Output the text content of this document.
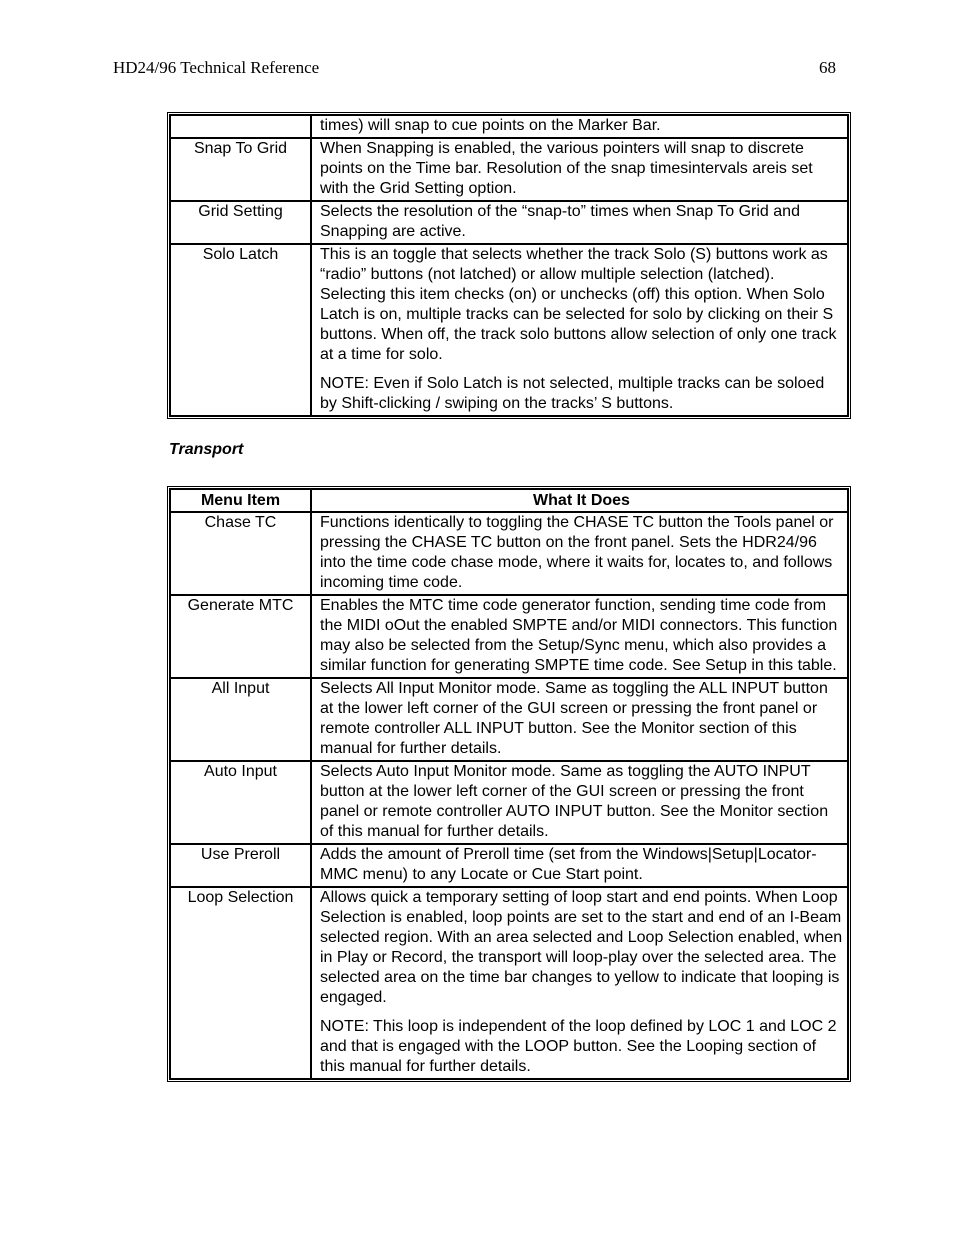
HD24/96 Technical Reference	68

	times) will snap to cue points on the Marker Bar.

Snap To Grid	When Snapping is enabled, the various pointers will snap to discrete points on the Time bar. Resolution of the snap timesintervals areis set with the Grid Setting option.

Grid Setting	Selects the resolution of the “snap-to” times when Snap To Grid and Snapping are active.

Solo Latch	This is an toggle that selects whether the track Solo (S) buttons work as “radio” buttons (not latched) or allow multiple selection (latched). Selecting this item checks (on) or unchecks (off) this option. When Solo Latch is on, multiple tracks can be selected for solo by clicking on their S buttons. When off, the track solo buttons allow selection of only one track at a time for solo.
NOTE: Even if Solo Latch is not selected, multiple tracks can be soloed by Shift-clicking / swiping on the tracks’ S buttons.
Transport
Menu Item	What It Does
Chase TC	Functions identically to toggling the CHASE TC button the Tools panel or pressing the CHASE TC button on the front panel. Sets the HDR24/96 into the time code chase mode, where it waits for, locates to, and follows incoming time code.

Generate MTC	Enables the MTC time code generator function, sending time code from the MIDI oOut the enabled SMPTE and/or MIDI connectors. This function may also be selected from the Setup/Sync menu, which also provides a similar function for generating SMPTE time code. See Setup in this table.

All Input	Selects All Input Monitor mode. Same as toggling the ALL INPUT button at the lower left corner of the GUI screen or pressing the front panel or remote controller ALL INPUT button. See the Monitor section of this manual for further details.

Auto Input	Selects Auto Input Monitor mode. Same as toggling the AUTO INPUT button at the lower left corner of the GUI screen or pressing the front panel or remote controller AUTO INPUT button. See the Monitor section of this manual for further details.

Use Preroll	Adds the amount of Preroll time (set from the Windows|Setup|Locator-MMC menu) to any Locate or Cue Start point.

Loop Selection	Allows quick a temporary setting of loop start and end points. When Loop Selection is enabled, loop points are set to the start and end of an I-Beam selected region. With an area selected and Loop Selection enabled, when in Play or Record, the transport will loop-play over the selected area. The selected area on the time bar changes to yellow to indicate that looping is engaged.
NOTE: This loop is independent of the loop defined by LOC 1 and LOC 2 and that is engaged with the LOOP button. See the Looping section of this manual for further details.
